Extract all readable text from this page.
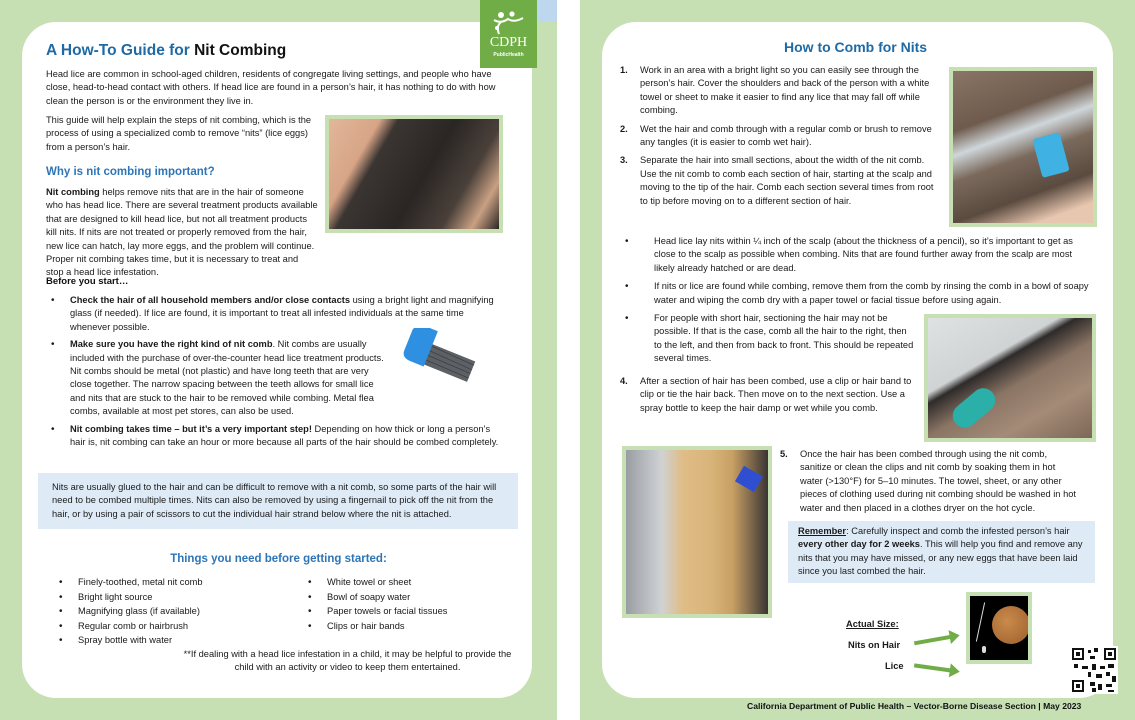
CDPH
PublicHealth
A How-To Guide for Nit Combing
Head lice are common in school-aged children, residents of congregate living settings, and people who have close, head-to-head contact with others. If head lice are found in a person’s hair, it has nothing to do with how clean the person is or the environment they live in.
This guide will help explain the steps of nit combing, which is the process of using a specialized comb to remove “nits” (lice eggs) from a person’s hair.
Why is nit combing important?
Nit combing helps remove nits that are in the hair of someone who has head lice. There are several treatment products available that are designed to kill head lice, but not all treatment products kill nits. If nits are not treated or properly removed from the hair, new lice can hatch, lay more eggs, and the problem will continue. Proper nit combing takes time, but it is necessary to treat and stop a head lice infestation.
Before you start…
• Check the hair of all household members and/or close contacts using a bright light and magnifying glass (if needed). If lice are found, it is important to treat all infested individuals at the same time whenever possible.
• Make sure you have the right kind of nit comb. Nit combs are usually included with the purchase of over-the-counter head lice treatment products. Nit combs should be metal (not plastic) and have long teeth that are very close together. The narrow spacing between the teeth allows for small lice and nits that are stuck to the hair to be removed while combing. Metal flea combs, available at most pet stores, can also be used.
• Nit combing takes time – but it’s a very important step! Depending on how thick or long a person’s hair is, nit combing can take an hour or more because all parts of the hair should be combed completely.
Nits are usually glued to the hair and can be difficult to remove with a nit comb, so some parts of the hair will need to be combed multiple times. Nits can also be removed by using a fingernail to pick off the nit from the hair, or by using a pair of scissors to cut the individual hair strand below where the nit is attached.
Things you need before getting started:
• Finely-toothed, metal nit comb
• Bright light source
• Magnifying glass (if available)
• Regular comb or hairbrush
• Spray bottle with water
• White towel or sheet
• Bowl of soapy water
• Paper towels or facial tissues
• Clips or hair bands
**If dealing with a head lice infestation in a child, it may be helpful to provide the child with an activity or video to keep them entertained.
How to Comb for Nits
1. Work in an area with a bright light so you can easily see through the person’s hair. Cover the shoulders and back of the person with a white towel or sheet to make it easier to find any lice that may fall off while combing.
2. Wet the hair and comb through with a regular comb or brush to remove any tangles (it is easier to comb wet hair).
3. Separate the hair into small sections, about the width of the nit comb. Use the nit comb to comb each section of hair, starting at the scalp and moving to the tip of the hair. Comb each section several times from root to tip before moving on to a different section of hair.
• Head lice lay nits within ¼ inch of the scalp (about the thickness of a pencil), so it’s important to get as close to the scalp as possible when combing. Nits that are found further away from the scalp are most likely already hatched or are dead.
• If nits or lice are found while combing, remove them from the comb by rinsing the comb in a bowl of soapy water and wiping the comb dry with a paper towel or facial tissue before using again.
• For people with short hair, sectioning the hair may not be possible. If that is the case, comb all the hair to the right, then to the left, and then from back to front. This should be repeated several times.
4. After a section of hair has been combed, use a clip or hair band to clip or tie the hair back. Then move on to the next section. Use a spray bottle to keep the hair damp or wet while you comb.
5. Once the hair has been combed through using the nit comb, sanitize or clean the clips and nit comb by soaking them in hot water (>130°F) for 5–10 minutes. The towel, sheet, or any other pieces of clothing used during nit combing should be washed in hot water and then placed in a clothes dryer on the hot cycle.
Remember: Carefully inspect and comb the infested person’s hair every other day for 2 weeks. This will help you find and remove any nits that you may have missed, or any new eggs that have been laid since you last combed the hair.
Actual Size:
Nits on Hair
Lice
California Department of Public Health – Vector-Borne Disease Section | May 2023
